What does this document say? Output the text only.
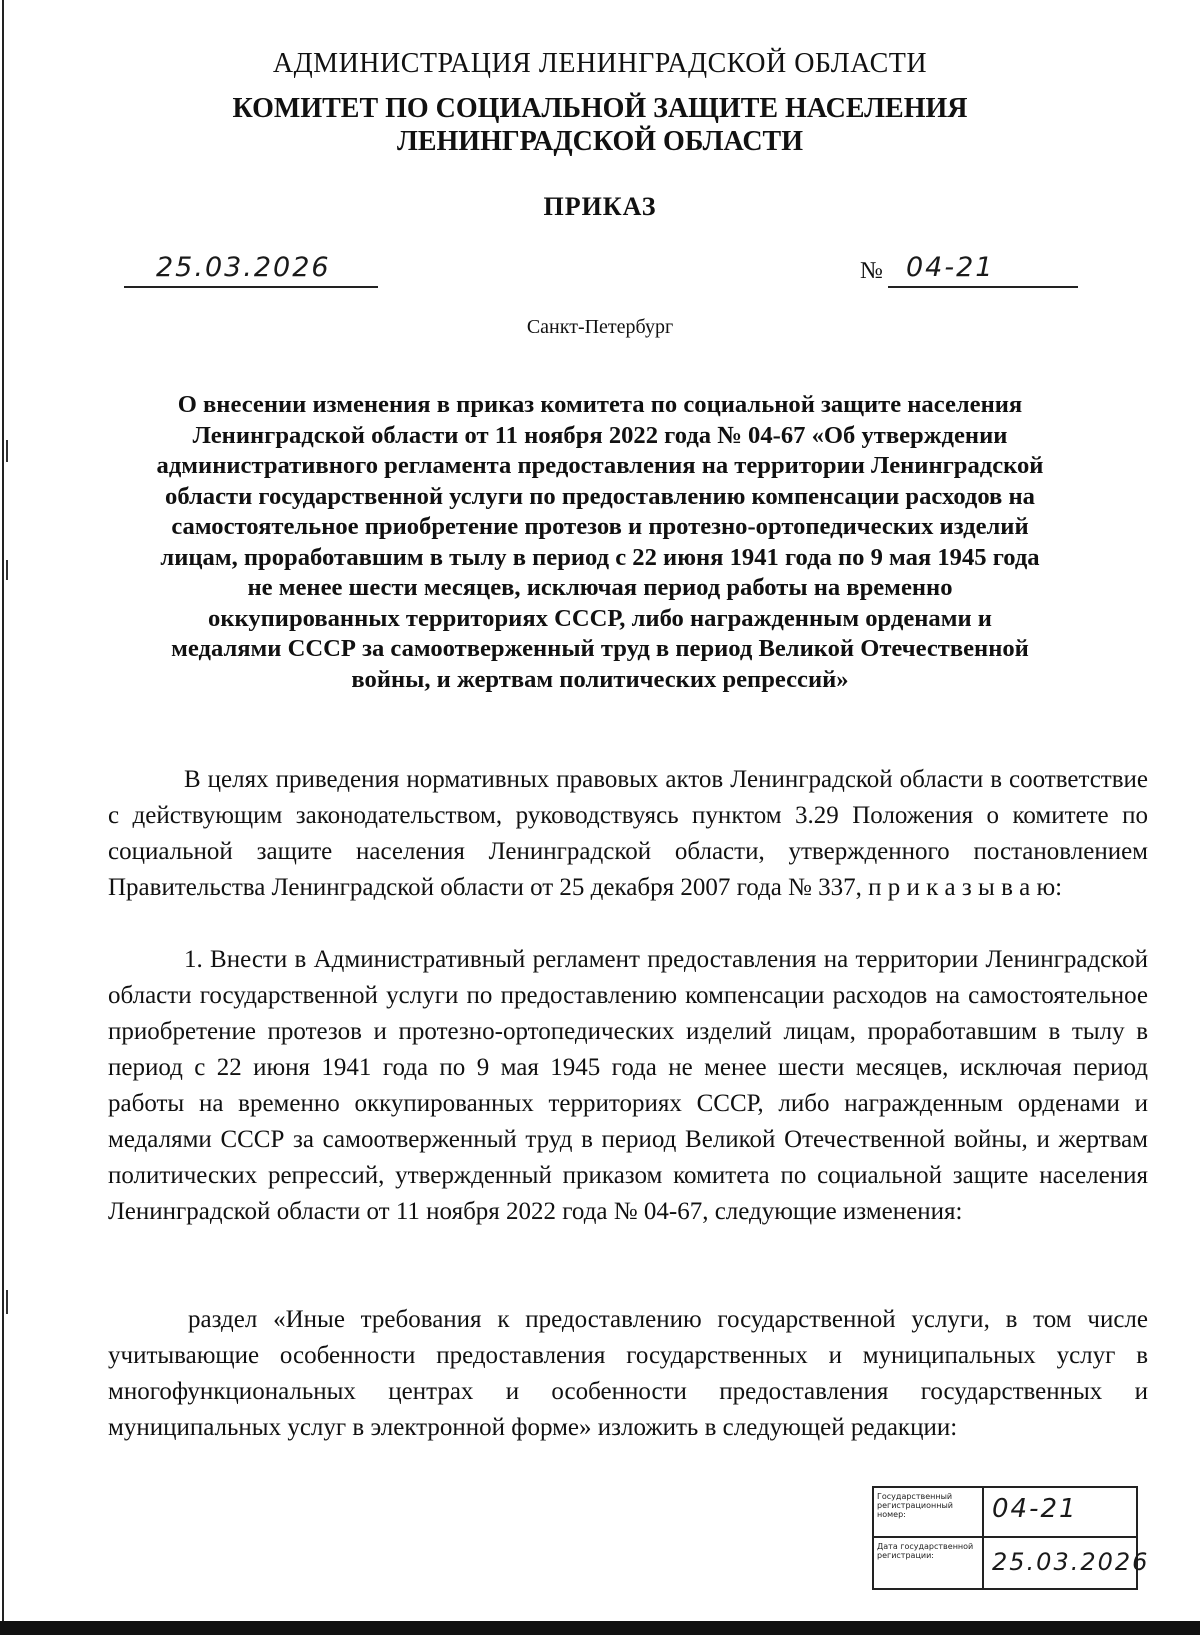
АДМИНИСТРАЦИЯ ЛЕНИНГРАДСКОЙ ОБЛАСТИ
КОМИТЕТ ПО СОЦИАЛЬНОЙ ЗАЩИТЕ НАСЕЛЕНИЯ
ЛЕНИНГРАДСКОЙ ОБЛАСТИ
ПРИКАЗ
25.03.2026	№ 04-21
Санкт-Петербург
О внесении изменения в приказ комитета по социальной защите населения
Ленинградской области от 11 ноября 2022 года № 04-67 «Об утверждении
административного регламента предоставления на территории Ленинградской
области государственной услуги по предоставлению компенсации расходов на
самостоятельное приобретение протезов и протезно-ортопедических изделий
лицам, проработавшим в тылу в период с 22 июня 1941 года по 9 мая 1945 года
не менее шести месяцев, исключая период работы на временно
оккупированных территориях СССР, либо награжденным орденами и
медалями СССР за самоотверженный труд в период Великой Отечественной
войны, и жертвам политических репрессий»
В целях приведения нормативных правовых актов Ленинградской области в соответствие с действующим законодательством, руководствуясь пунктом 3.29 Положения о комитете по социальной защите населения Ленинградской области, утвержденного постановлением Правительства Ленинградской области от 25 декабря 2007 года № 337, п р и к а з ы в а ю:
1. Внести в Административный регламент предоставления на территории Ленинградской области государственной услуги по предоставлению компенсации расходов на самостоятельное приобретение протезов и протезно-ортопедических изделий лицам, проработавшим в тылу в период с 22 июня 1941 года по 9 мая 1945 года не менее шести месяцев, исключая период работы на временно оккупированных территориях СССР, либо награжденным орденами и медалями СССР за самоотверженный труд в период Великой Отечественной войны, и жертвам политических репрессий, утвержденный приказом комитета по социальной защите населения Ленинградской области от 11 ноября 2022 года № 04-67, следующие изменения:
раздел «Иные требования к предоставлению государственной услуги, в том числе учитывающие особенности предоставления государственных и муниципальных услуг в многофункциональных центрах и особенности предоставления государственных и муниципальных услуг в электронной форме» изложить в следующей редакции:
Государственный регистрационный номер:	04-21
Дата государственной регистрации:	25.03.2026
